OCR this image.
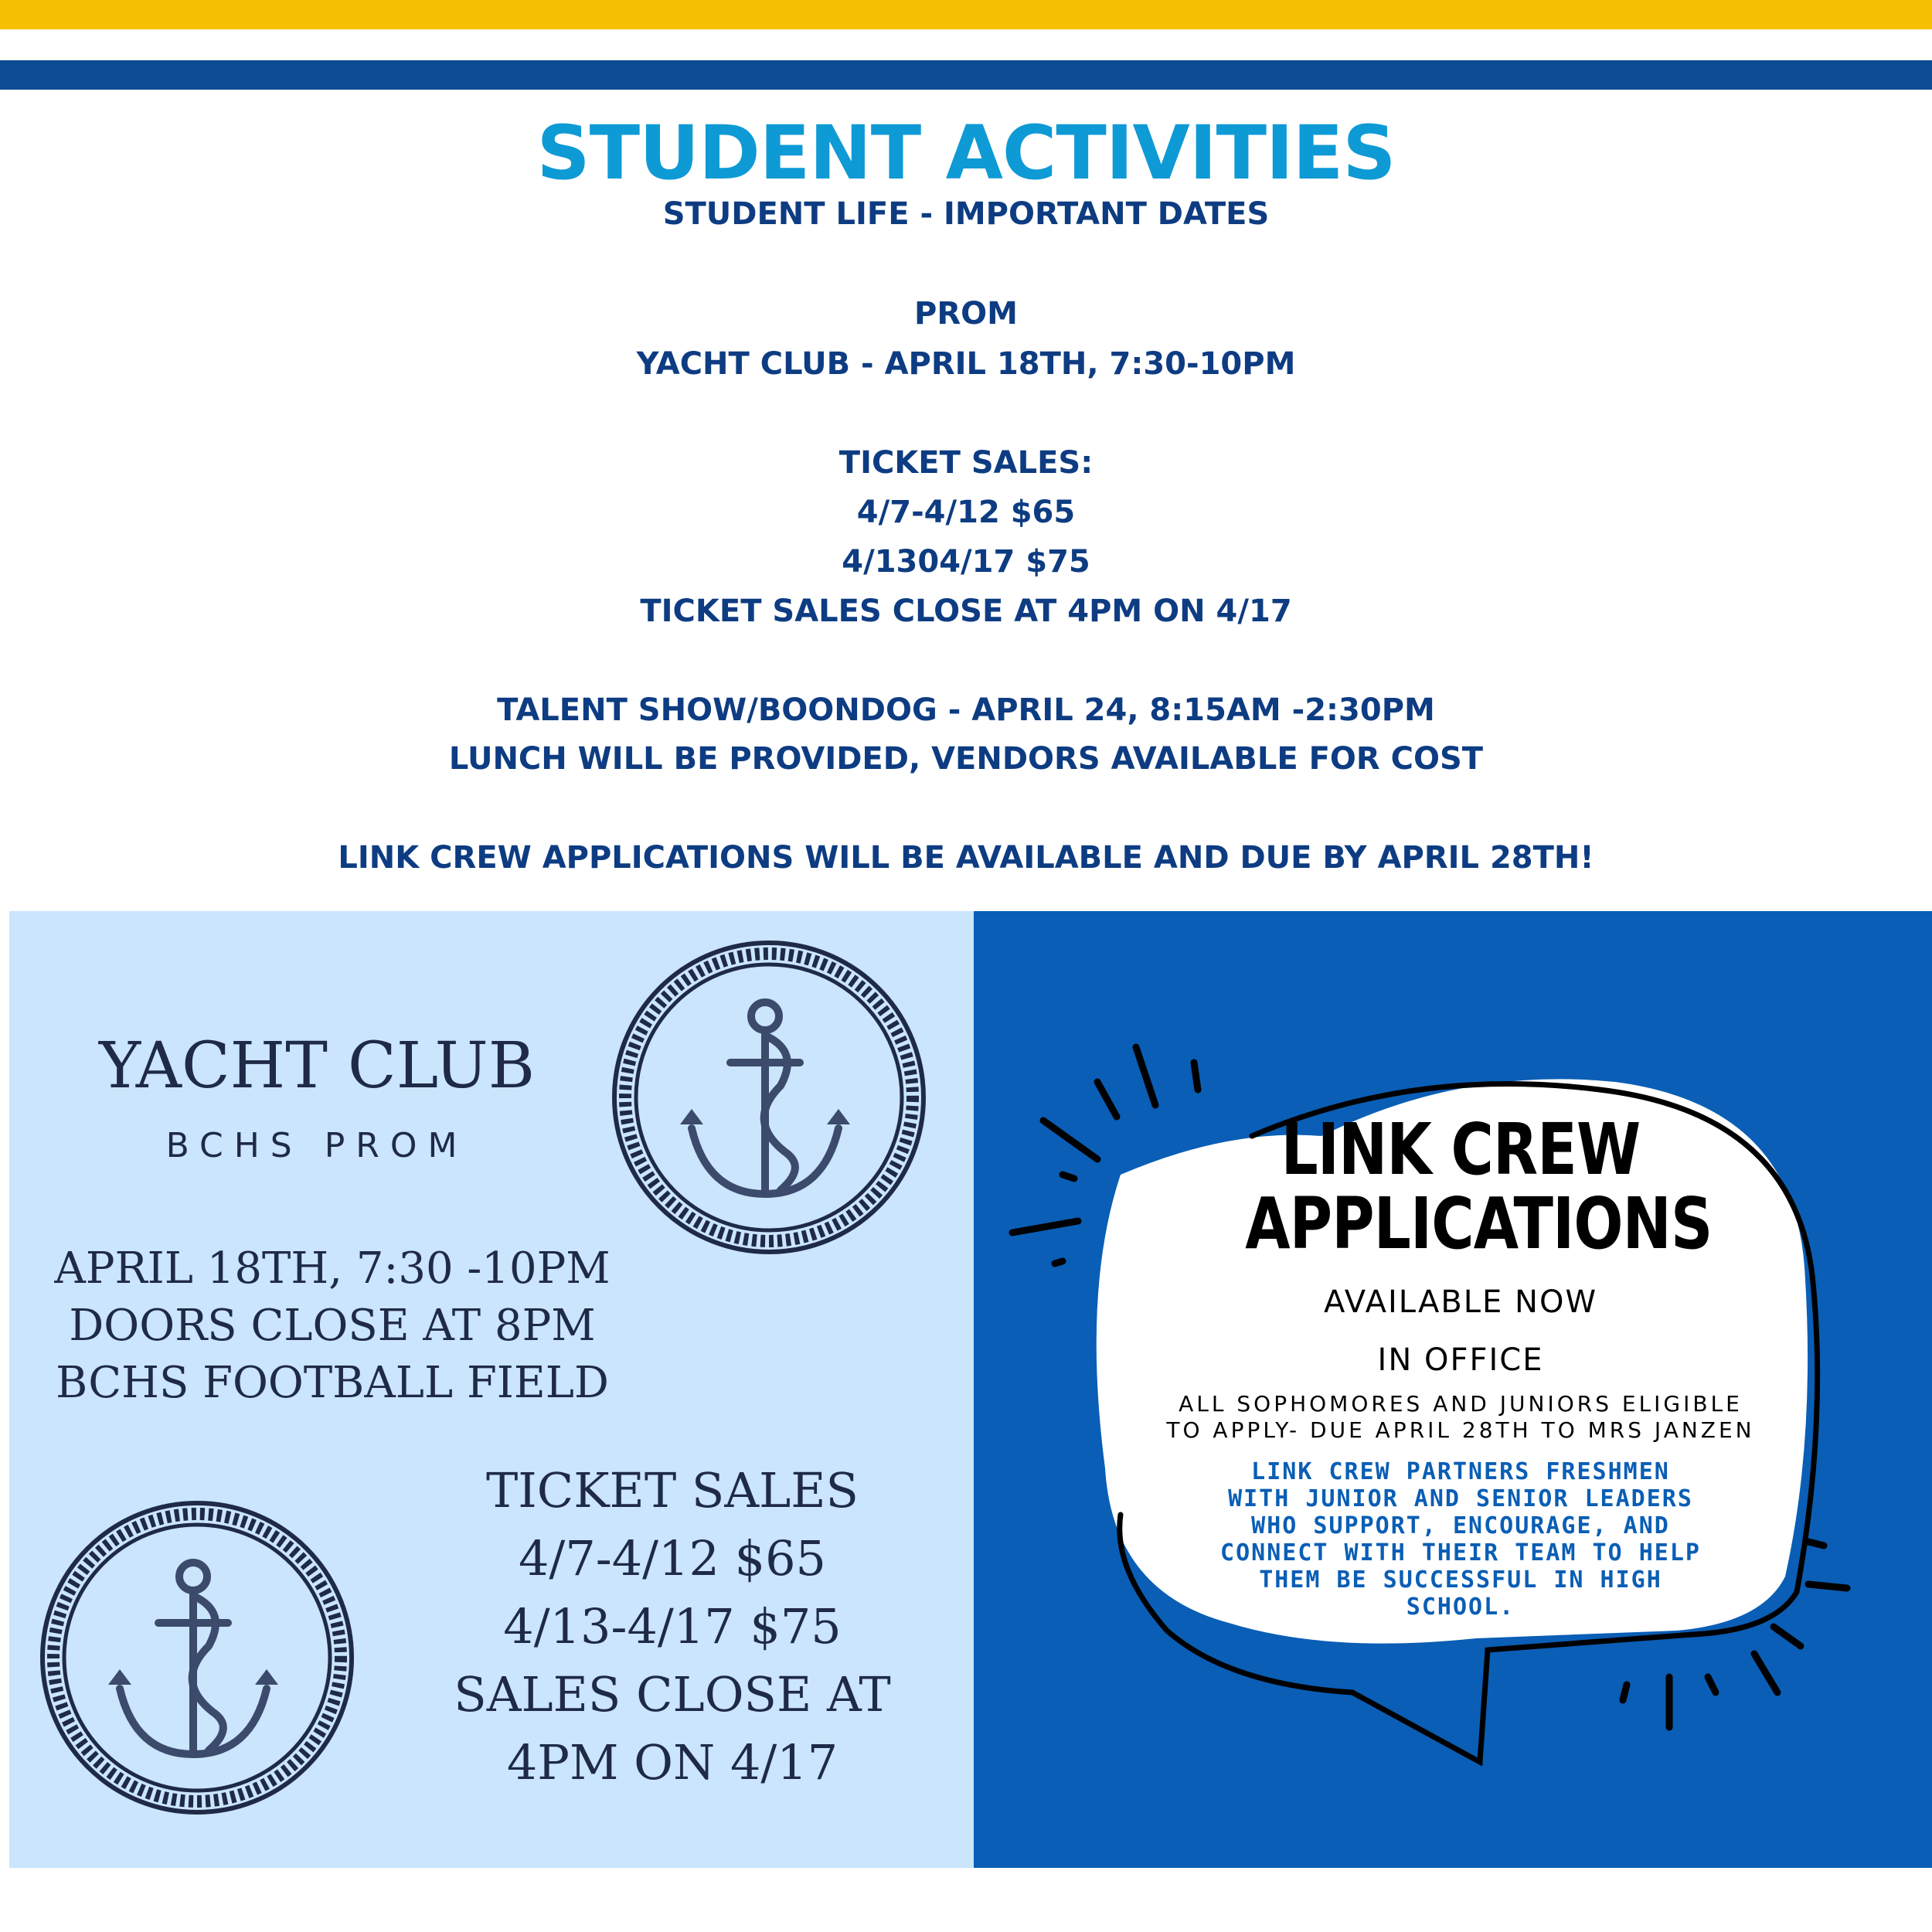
STUDENT ACTIVITIES
STUDENT LIFE - IMPORTANT DATES
PROM
YACHT CLUB - APRIL 18TH, 7:30-10PM
TICKET SALES:
4/7-4/12 $65
4/1304/17 $75
TICKET SALES CLOSE AT 4PM ON 4/17
TALENT SHOW/BOONDOG - APRIL 24, 8:15AM -2:30PM
LUNCH WILL BE PROVIDED, VENDORS AVAILABLE FOR COST
LINK CREW APPLICATIONS WILL BE AVAILABLE AND DUE BY APRIL 28TH!
YACHT CLUB
BCHS PROM
APRIL 18TH, 7:30 -10PM
DOORS CLOSE AT 8PM
BCHS FOOTBALL FIELD
TICKET SALES
4/7-4/12 $65
4/13-4/17 $75
SALES CLOSE AT
4PM ON 4/17
LINK CREW
APPLICATIONS
AVAILABLE NOW
IN OFFICE
ALL SOPHOMORES AND JUNIORS ELIGIBLE
TO APPLY- DUE APRIL 28TH TO MRS JANZEN
LINK CREW PARTNERS FRESHMEN
WITH JUNIOR AND SENIOR LEADERS
WHO SUPPORT, ENCOURAGE, AND
CONNECT WITH THEIR TEAM TO HELP
THEM BE SUCCESSFUL IN HIGH
SCHOOL.
